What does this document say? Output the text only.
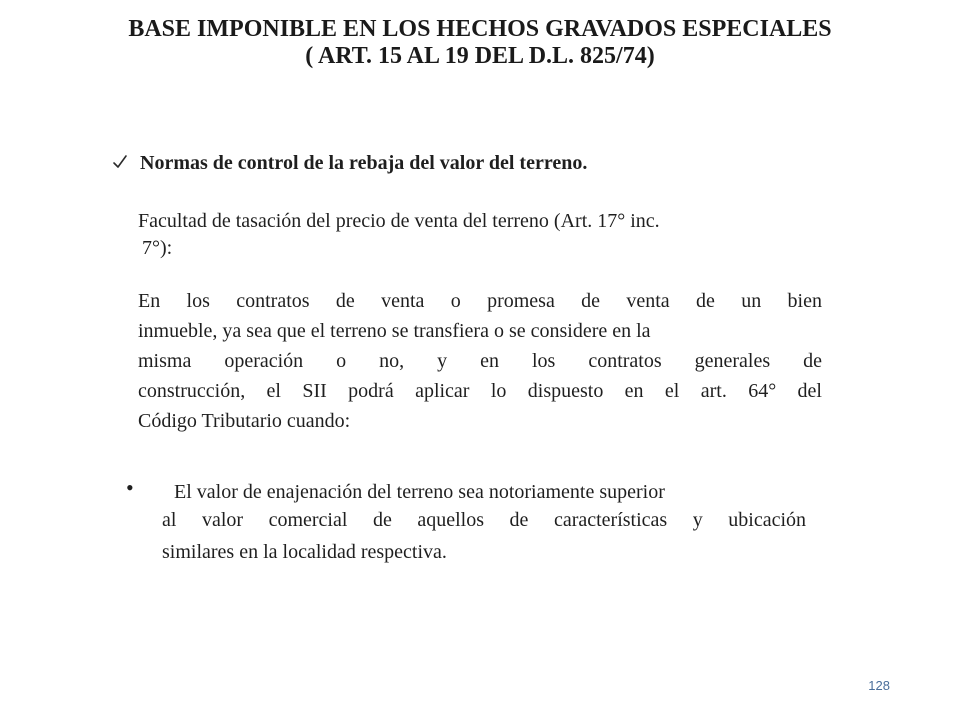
BASE IMPONIBLE EN LOS HECHOS GRAVADOS ESPECIALES
( ART. 15 AL 19 DEL D.L. 825/74)
Normas de control de la rebaja del valor del terreno.
Facultad de tasación del precio de venta del terreno (Art. 17° inc.
7°):
En los contratos de venta o promesa de venta de un bien
inmueble, ya sea que el terreno se transfiera o se considere en la
misma operación o no, y en los contratos generales de
construcción, el SII podrá aplicar lo dispuesto en el art. 64° del
Código Tributario cuando:
•	El valor de enajenación del terreno sea notoriamente superior
al valor comercial de aquellos de características y ubicación
similares en la localidad respectiva.
128
